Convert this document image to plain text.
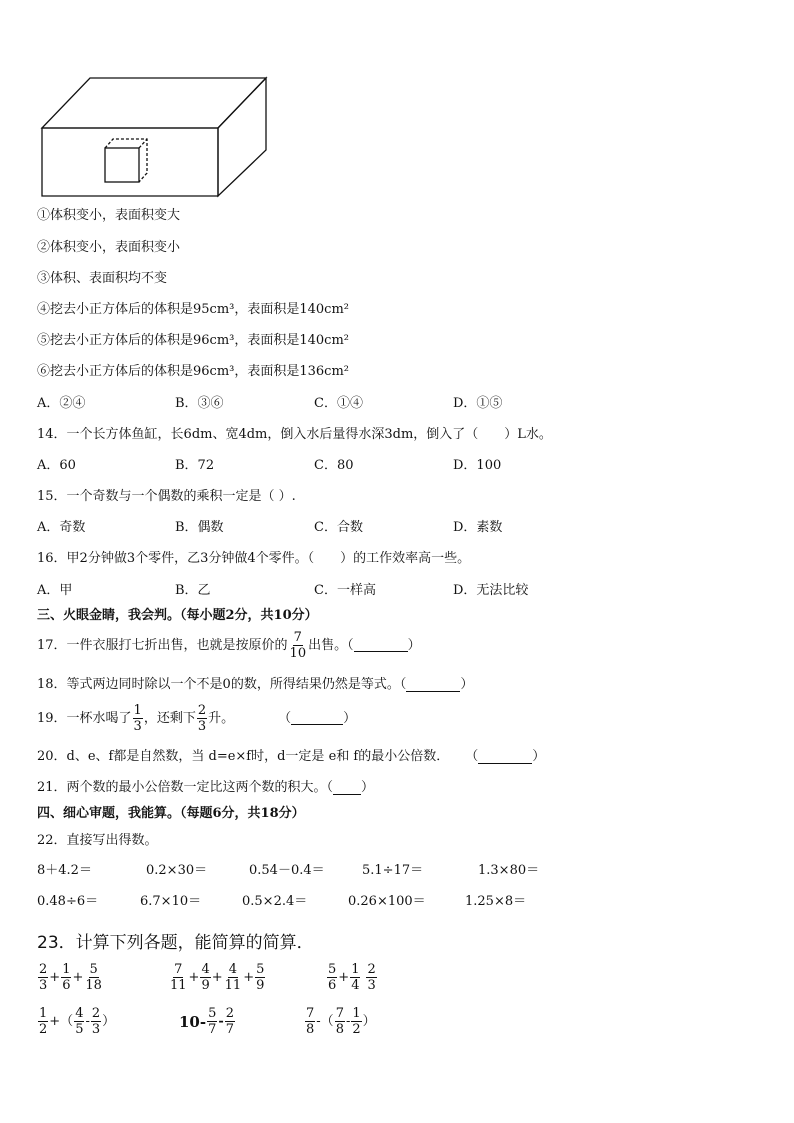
①体积变小，表面积变大
②体积变小，表面积变小
③体积、表面积均不变
④挖去小正方体后的体积是95cm³，表面积是140cm²
⑤挖去小正方体后的体积是96cm³，表面积是140cm²
⑥挖去小正方体后的体积是96cm³，表面积是136cm²
A．②④	B．③⑥	C．①④	D．①⑤
14．一个长方体鱼缸，长6dm、宽4dm，倒入水后量得水深3dm，倒入了（　　）L水。
A．60	B．72	C．80	D．100
15．一个奇数与一个偶数的乘积一定是（ ）.
A．奇数	B．偶数	C．合数	D．素数
16．甲2分钟做3个零件，乙3分钟做4个零件。（　　）的工作效率高一些。
A．甲	B．乙	C．一样高	D．无法比较
三、火眼金睛，我会判。（每小题2分，共10分）
17．一件衣服打七折出售，也就是按原价的 $\frac{7}{10}$ 出售。（	）
18．等式两边同时除以一个不是0的数，所得结果仍然是等式。（	）
19．一杯水喝了 $\frac{1}{3}$ ，还剩下 $\frac{2}{3}$ 升。	（	）
20．d、e、f都是自然数，当 d=e×f时，d一定是 e和 f的最小公倍数． （	）
21．两个数的最小公倍数一定比这两个数的积大。（ ）
四、细心审题，我能算。（每题6分，共18分）
22．直接写出得数。
8＋4.2＝	0.2×30＝	0.54－0.4＝	5.1÷17＝	1.3×80＝
0.48÷6＝	6.7×10＝	0.5×2.4＝	0.26×100＝	1.25×8＝
23．计算下列各题，能简算的简算．
$\frac{2}{3} + \frac{1}{6} + \frac{5}{18}$	$\frac{7}{11} + \frac{4}{9} + \frac{4}{11} + \frac{5}{9}$	$\frac{5}{6} + \frac{1}{4} \frac{2}{3}$
$\frac{1}{2}$ +（ $\frac{4}{5} - \frac{2}{3}$ ）	$10- \frac{5}{7} - \frac{2}{7}$	$\frac{7}{8}$ -（ $\frac{7}{8} - \frac{1}{2}$ ）
